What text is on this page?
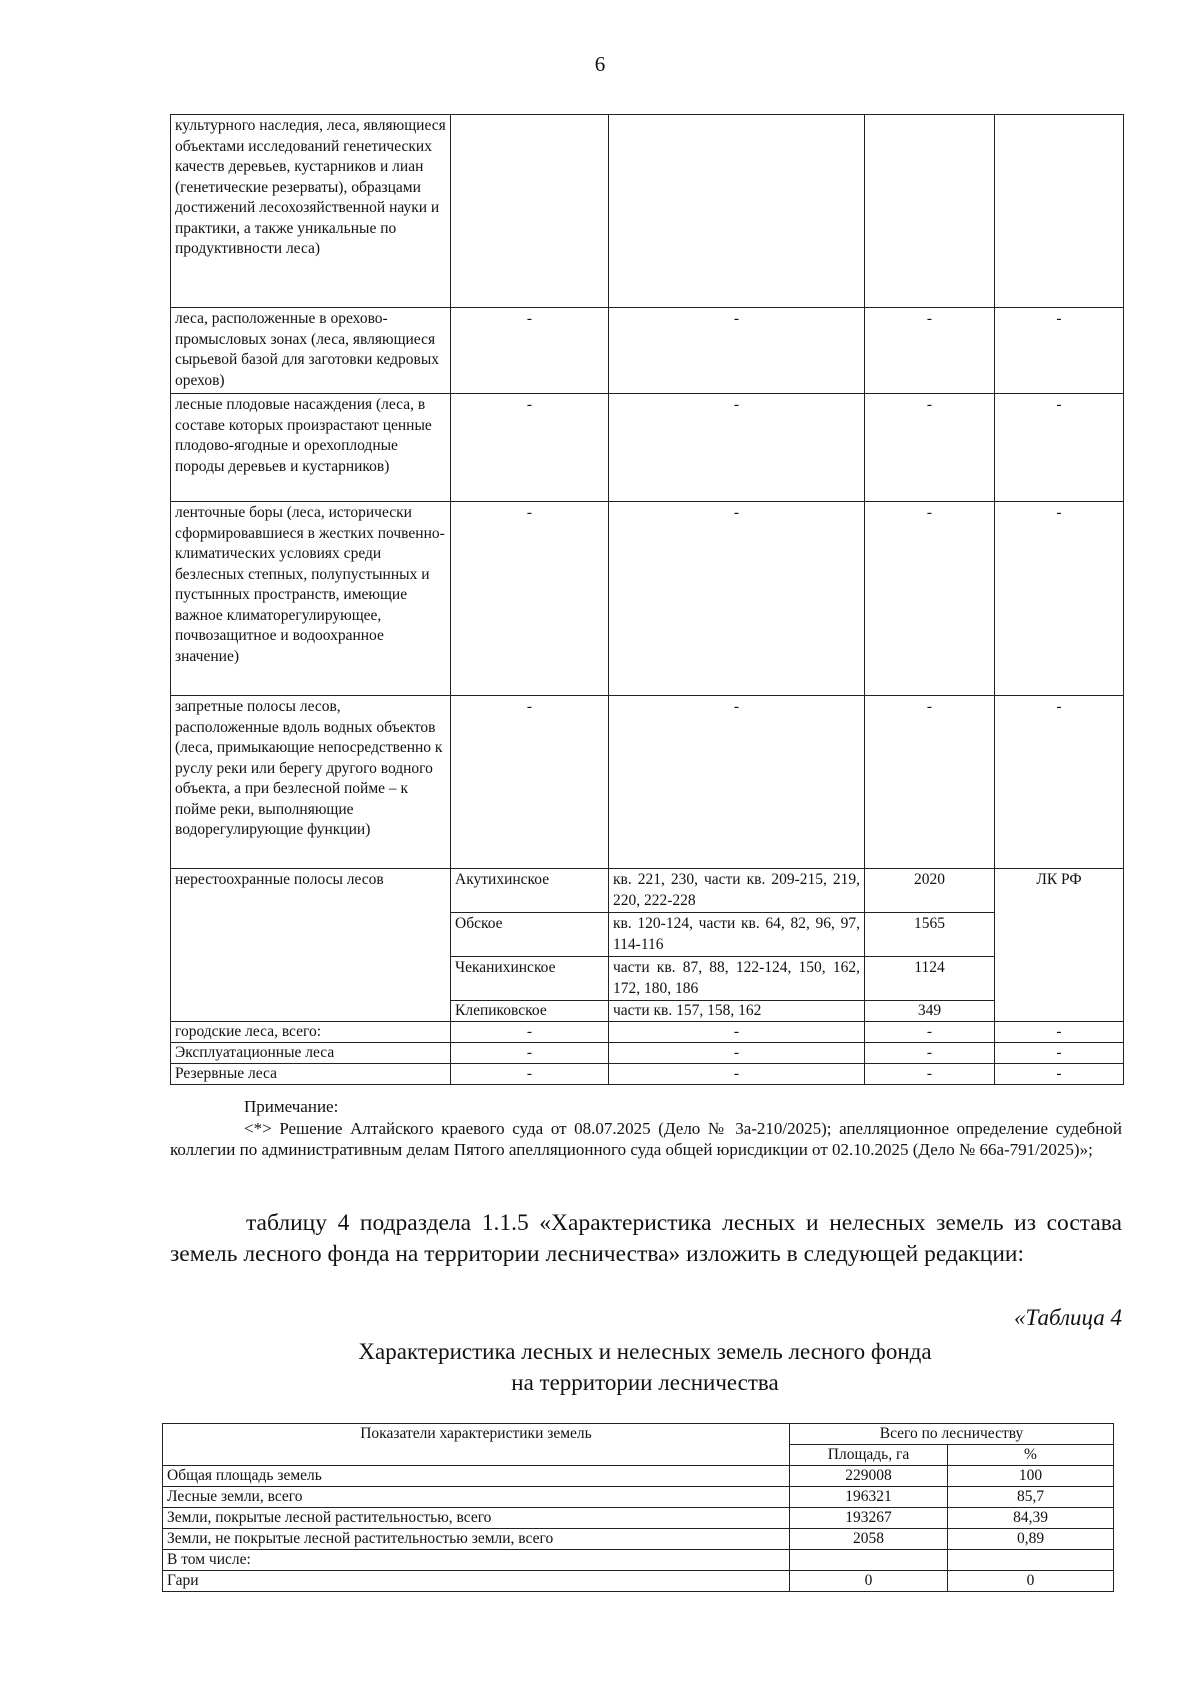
6
культурного наследия, леса, являющиеся объектами исследований генетических качеств деревьев, кустарников и лиан (генетические резерваты), образцами достижений лесохозяйственной науки и практики, а также уникальные по продуктивности леса)				
леса, расположенные в орехово-промысловых зонах (леса, являющиеся сырьевой базой для заготовки кедровых орехов)	-	-	-	-
лесные плодовые насаждения (леса, в составе которых произрастают ценные плодово-ягодные и орехоплодные породы деревьев и кустарников)	-	-	-	-
ленточные боры (леса, исторически сформировавшиеся в жестких почвенно-климатических условиях среди безлесных степных, полупустынных и пустынных пространств, имеющие важное климаторегулирующее, почвозащитное и водоохранное значение)	-	-	-	-
запретные полосы лесов, расположенные вдоль водных объектов (леса, примыкающие непосредственно к руслу реки или берегу другого водного объекта, а при безлесной пойме – к пойме реки, выполняющие водорегулирующие функции)	-	-	-	-
нерестоохранные полосы лесов	Акутихинское	кв. 221, 230, части кв. 209-215, 219, 220, 222-228	2020	ЛК РФ
	Обское	кв. 120-124, части кв. 64, 82, 96, 97, 114-116	1565	
	Чеканихинское	части кв. 87, 88, 122-124, 150, 162, 172, 180, 186	1124	
	Клепиковское	части кв. 157, 158, 162	349	
городские леса, всего:	-	-	-	-
Эксплуатационные леса	-	-	-	-
Резервные леса	-	-	-	-
Примечание:
<*> Решение Алтайского краевого суда от 08.07.2025 (Дело № 3а-210/2025); апелляционное определение судебной коллегии по административным делам Пятого апелляционного суда общей юрисдикции от 02.10.2025 (Дело № 66а-791/2025)»;
таблицу 4 подраздела 1.1.5 «Характеристика лесных и нелесных земель из состава земель лесного фонда на территории лесничества» изложить в следующей редакции:
«Таблица 4
Характеристика лесных и нелесных земель лесного фонда
на территории лесничества
Показатели характеристики земель	Всего по лесничеству	
	Площадь, га	%
Общая площадь земель	229008	100
Лесные земли, всего	196321	85,7
Земли, покрытые лесной растительностью, всего	193267	84,39
Земли, не покрытые лесной растительностью земли, всего	2058	0,89
В том числе:		
Гари	0	0
